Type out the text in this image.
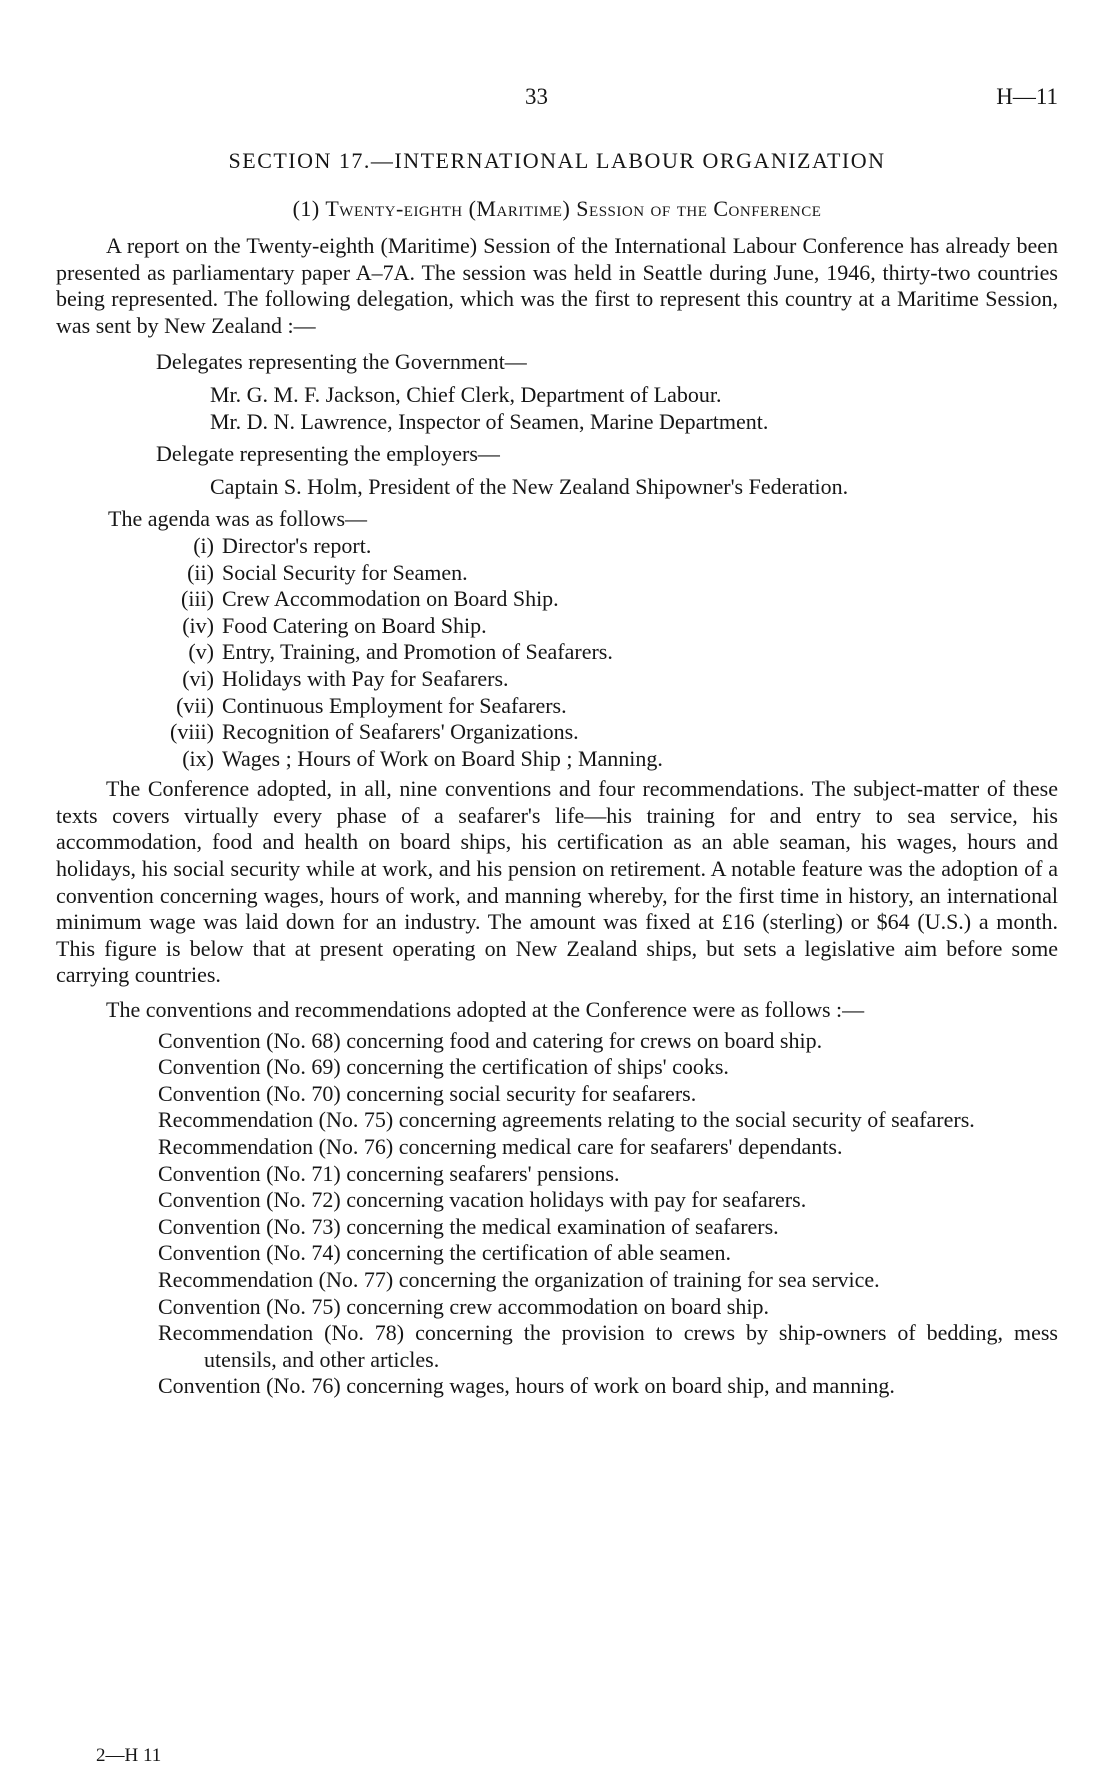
33	H—11
SECTION 17.—INTERNATIONAL LABOUR ORGANIZATION
(1) Twenty-eighth (Maritime) Session of the Conference

A report on the Twenty-eighth (Maritime) Session of the International Labour Conference has already been presented as parliamentary paper A–7A. The session was held in Seattle during June, 1946, thirty-two countries being represented. The following delegation, which was the first to represent this country at a Maritime Session, was sent by New Zealand :—

Delegates representing the Government—

Mr. G. M. F. Jackson, Chief Clerk, Department of Labour.

Mr. D. N. Lawrence, Inspector of Seamen, Marine Department.

Delegate representing the employers—

Captain S. Holm, President of the New Zealand Shipowner's Federation.

The agenda was as follows—

(i) Director's report.
(ii) Social Security for Seamen.
(iii) Crew Accommodation on Board Ship.
(iv) Food Catering on Board Ship.
(v) Entry, Training, and Promotion of Seafarers.
(vi) Holidays with Pay for Seafarers.
(vii) Continuous Employment for Seafarers.
(viii) Recognition of Seafarers' Organizations.
(ix) Wages ; Hours of Work on Board Ship ; Manning.

The Conference adopted, in all, nine conventions and four recommendations. The subject-matter of these texts covers virtually every phase of a seafarer's life—his training for and entry to sea service, his accommodation, food and health on board ships, his certification as an able seaman, his wages, hours and holidays, his social security while at work, and his pension on retirement. A notable feature was the adoption of a convention concerning wages, hours of work, and manning whereby, for the first time in history, an international minimum wage was laid down for an industry. The amount was fixed at £16 (sterling) or $64 (U.S.) a month. This figure is below that at present operating on New Zealand ships, but sets a legislative aim before some carrying countries.

The conventions and recommendations adopted at the Conference were as follows :—

Convention (No. 68) concerning food and catering for crews on board ship.
Convention (No. 69) concerning the certification of ships' cooks.
Convention (No. 70) concerning social security for seafarers.
Recommendation (No. 75) concerning agreements relating to the social security of seafarers.
Recommendation (No. 76) concerning medical care for seafarers' dependants.
Convention (No. 71) concerning seafarers' pensions.
Convention (No. 72) concerning vacation holidays with pay for seafarers.
Convention (No. 73) concerning the medical examination of seafarers.
Convention (No. 74) concerning the certification of able seamen.
Recommendation (No. 77) concerning the organization of training for sea service.
Convention (No. 75) concerning crew accommodation on board ship.
Recommendation (No. 78) concerning the provision to crews by ship-owners of bedding, mess utensils, and other articles.
Convention (No. 76) concerning wages, hours of work on board ship, and manning.
2—H 11
